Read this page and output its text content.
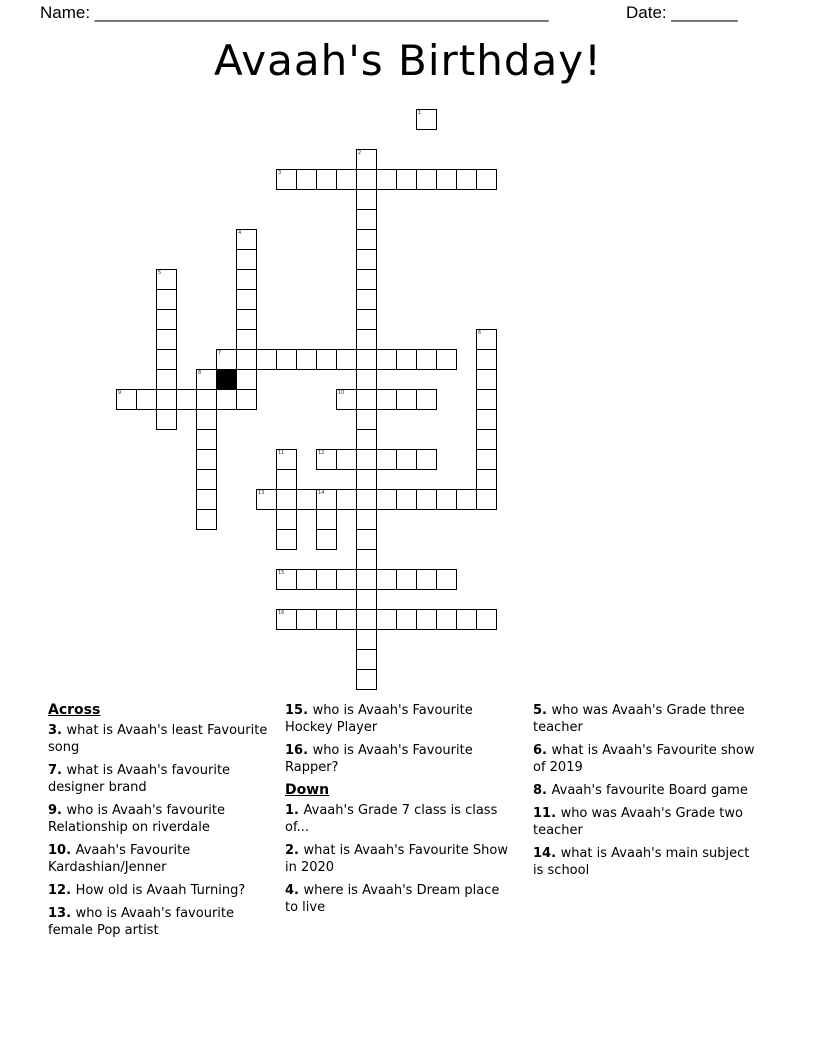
Name: ________________________________________________	Date: _______
Avaah's Birthday!
1
2
3
4
5
6
7
8
9	10
11	12
13	14
15
16
Across
3. what is Avaah's least Favourite song
7. what is Avaah's favourite designer brand
9. who is Avaah's favourite Relationship on riverdale
10. Avaah's Favourite Kardashian/Jenner
12. How old is Avaah Turning?
13. who is Avaah's favourite female Pop artist
15. who is Avaah's Favourite Hockey Player
16. who is Avaah's Favourite Rapper?
Down
1. Avaah's Grade 7 class is class of...
2. what is Avaah's Favourite Show in 2020
4. where is Avaah's Dream place to live
5. who was Avaah's Grade three teacher
6. what is Avaah's Favourite show of 2019
8. Avaah's favourite Board game
11. who was Avaah's Grade two teacher
14. what is Avaah's main subject is school
